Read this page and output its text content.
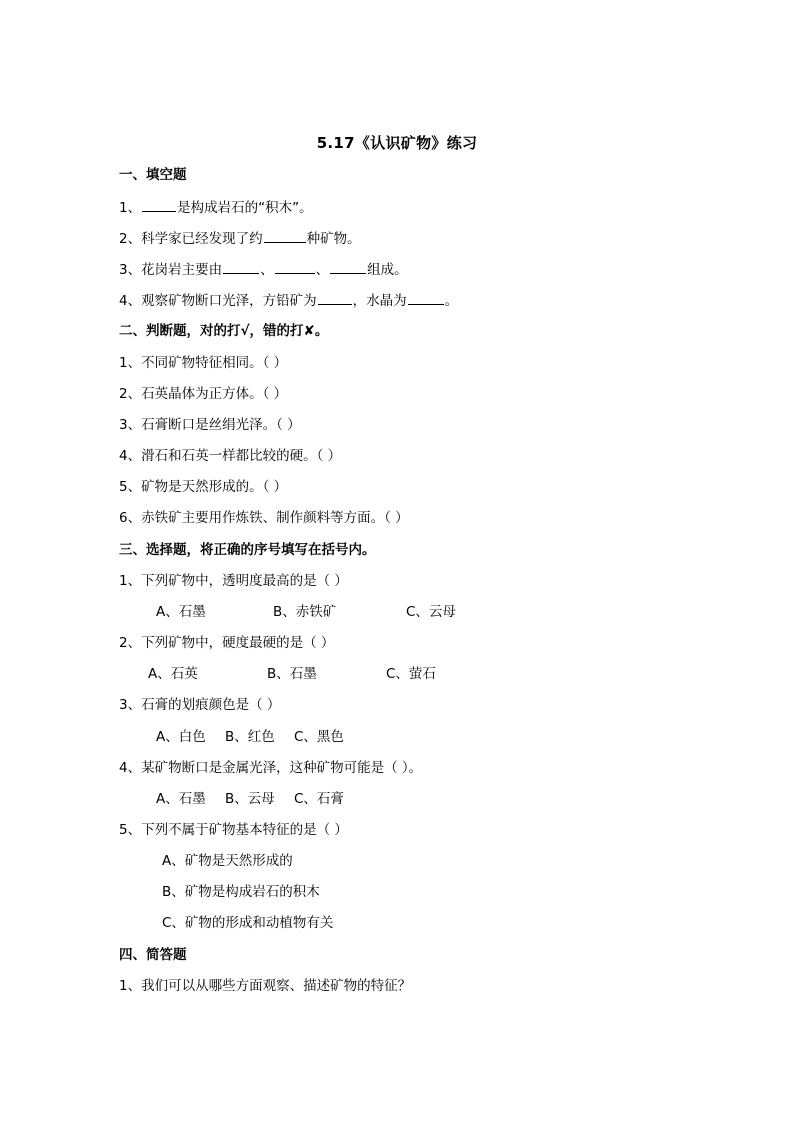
5.17《认识矿物》练习
一、填空题
1、	是构成岩石的“积木”。
2、科学家已经发现了约	种矿物。
3、花岗岩主要由	、	、	组成。
4、观察矿物断口光泽，方铅矿为	，水晶为	。
二、判断题，对的打√，错的打✘。
1、不同矿物特征相同。（ ）
2、石英晶体为正方体。（ ）
3、石膏断口是丝绢光泽。（ ）
4、滑石和石英一样都比较的硬。（ ）
5、矿物是天然形成的。（ ）
6、赤铁矿主要用作炼铁、制作颜料等方面。（ ）
三、选择题，将正确的序号填写在括号内。
1、下列矿物中，透明度最高的是（ ）
A、石墨	B、赤铁矿	C、云母
2、下列矿物中，硬度最硬的是（ ）
A、石英	B、石墨	C、萤石
3、石膏的划痕颜色是（ ）
A、白色 B、红色 C、黑色
4、某矿物断口是金属光泽，这种矿物可能是（ ）。
A、石墨 B、云母 C、石膏
5、下列不属于矿物基本特征的是（ ）
A、矿物是天然形成的
B、矿物是构成岩石的积木
C、矿物的形成和动植物有关
四、简答题
1、我们可以从哪些方面观察、描述矿物的特征？
